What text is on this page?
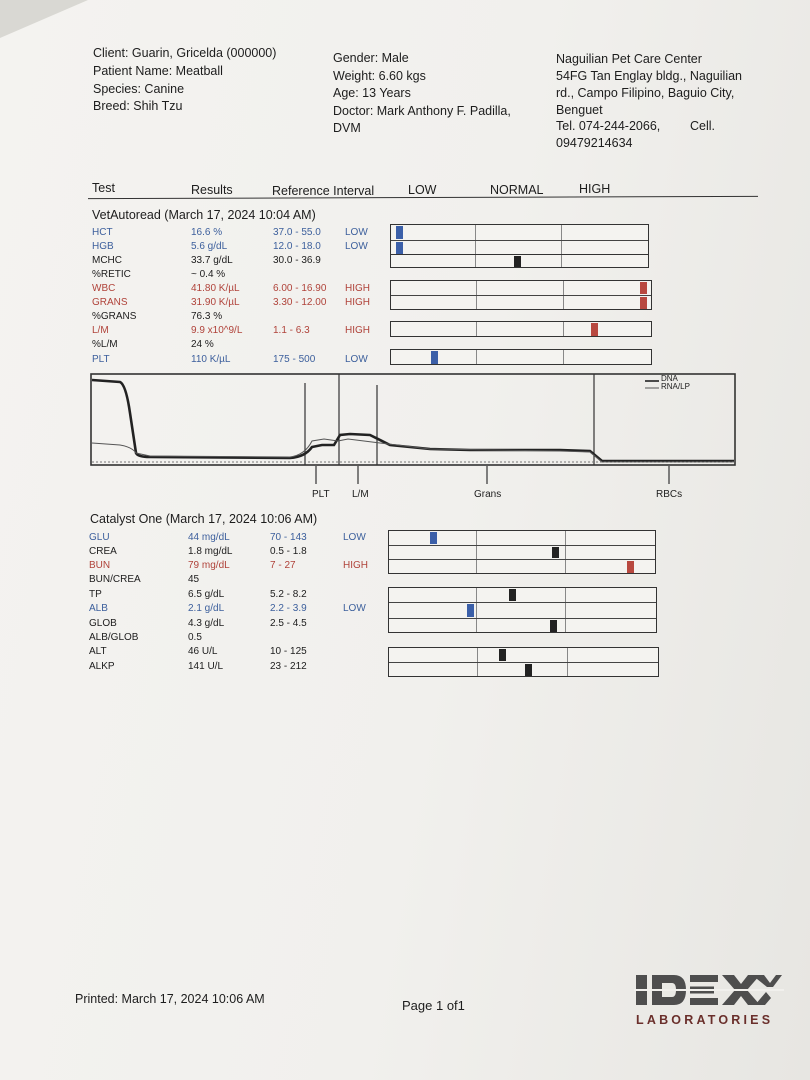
Client: Guarin, Gricelda (000000)
Patient Name: Meatball
Species: Canine
Breed: Shih Tzu
Gender: Male
Weight: 6.60 kgs
Age: 13 Years
Doctor: Mark Anthony F. Padilla,
DVM
Naguilian Pet Care Center
54FG Tan Englay bldg., Naguilian
rd., Campo Filipino, Baguio City,
Benguet
Tel. 074-244-2066, Cell.
09479214634
Test	Results	Reference Interval	LOW	NORMAL	HIGH
VetAutoread (March 17, 2024 10:04 AM)
HCT	16.6 %	37.0 - 55.0 LOW
HGB	5.6 g/dL	12.0 - 18.0 LOW
MCHC	33.7 g/dL	30.0 - 36.9
%RETIC	~ 0.4 %
WBC	41.80 K/µL	6.00 - 16.90 HIGH
GRANS	31.90 K/µL	3.30 - 12.00 HIGH
%GRANS	76.3 %
L/M	9.9 x10^9/L	1.1 - 6.3	HIGH
%L/M	24 %
PLT	110 K/µL	175 - 500	LOW
DNA
RNA/LP
PLT L/M	Grans	RBCs
Catalyst One (March 17, 2024 10:06 AM)
GLU	44 mg/dL	70 - 143	LOW
CREA	1.8 mg/dL	0.5 - 1.8
BUN	79 mg/dL	7 - 27	HIGH
BUN/CREA	45
TP	6.5 g/dL	5.2 - 8.2
ALB	2.1 g/dL	2.2 - 3.9	LOW
GLOB	4.3 g/dL	2.5 - 4.5
ALB/GLOB	0.5
ALT	46 U/L	10 - 125
ALKP	141 U/L	23 - 212
Printed: March 17, 2024 10:06 AM	Page 1 of1
LABORATORIES
